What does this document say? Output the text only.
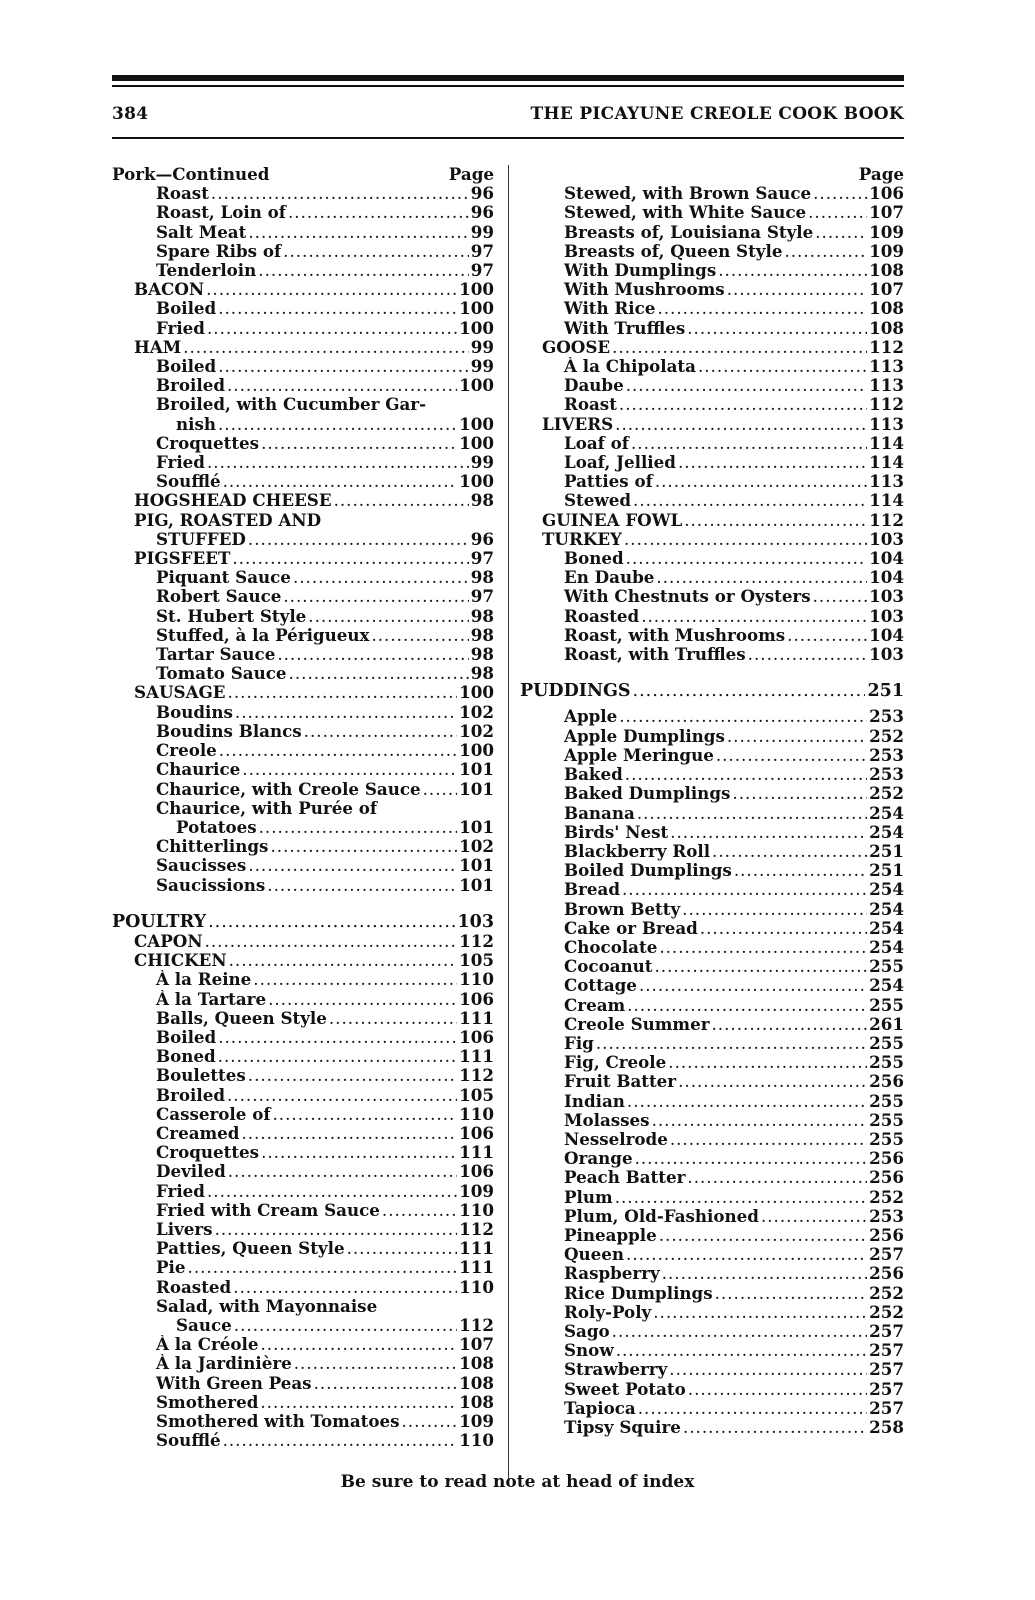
384	THE PICAYUNE CREOLE COOK BOOK
Pork—Continued	Page
Roast .....	96
Roast, Loin of .....	96
Salt Meat .....	99
Spare Ribs of .....	97
Tenderloin .....	97
BACON .....	100
Boiled .....	100
Fried .....	100
HAM .....	99
Boiled .....	99
Broiled .....	100
Broiled, with Cucumber Gar-
nish .....	100
Croquettes .....	100
Fried .....	99
Soufflé .....	100
HOGSHEAD CHEESE .....	98
PIG, ROASTED AND
STUFFED .....	96
PIGSFEET .....	97
Piquant Sauce .....	98
Robert Sauce .....	97
St. Hubert Style .....	98
Stuffed, à la Périgueux .....	98
Tartar Sauce .....	98
Tomato Sauce .....	98
SAUSAGE .....	100
Boudins .....	102
Boudins Blancs .....	102
Creole .....	100
Chaurice .....	101
Chaurice, with Creole Sauce ..... 101
Chaurice, with Purée of
Potatoes .....	101
Chitterlings .....	102
Saucisses .....	101
Saucissions .....	101
POULTRY .....	103
CAPON .....	112
CHICKEN .....	105
À la Reine .....	110
À la Tartare .....	106
Balls, Queen Style .....	111
Boiled .....	106
Boned .....	111
Boulettes .....	112
Broiled .....	105
Casserole of .....	110
Creamed .....	106
Croquettes .....	111
Deviled .....	106
Fried .....	109
Fried with Cream Sauce .....	110
Livers .....	112
Patties, Queen Style .....	111
Pie .....	111
Roasted .....	110
Salad, with Mayonnaise
Sauce .....	112
À la Créole .....	107
À la Jardinière .....	108
With Green Peas .....	108
Smothered .....	108
Smothered with Tomatoes .....	109
Soufflé .....	110
Page
Stewed, with Brown Sauce .....	106
Stewed, with White Sauce .....	107
Breasts of, Louisiana Style .....	109
Breasts of, Queen Style .....	109
With Dumplings .....	108
With Mushrooms .....	107
With Rice .....	108
With Truffles .....	108
GOOSE .....	112
À la Chipolata .....	113
Daube .....	113
Roast .....	112
LIVERS .....	113
Loaf of .....	114
Loaf, Jellied .....	114
Patties of .....	113
Stewed .....	114
GUINEA FOWL .....	112
TURKEY .....	103
Boned .....	104
En Daube .....	104
With Chestnuts or Oysters .....	103
Roasted .....	103
Roast, with Mushrooms .....	104
Roast, with Truffles .....	103
PUDDINGS .....	251
Apple .....	253
Apple Dumplings .....	252
Apple Meringue .....	253
Baked .....	253
Baked Dumplings .....	252
Banana .....	254
Birds' Nest .....	254
Blackberry Roll .....	251
Boiled Dumplings .....	251
Bread .....	254
Brown Betty .....	254
Cake or Bread .....	254
Chocolate .....	254
Cocoanut .....	255
Cottage .....	254
Cream .....	255
Creole Summer .....	261
Fig .....	255
Fig, Creole .....	255
Fruit Batter .....	256
Indian .....	255
Molasses .....	255
Nesselrode .....	255
Orange .....	256
Peach Batter .....	256
Plum .....	252
Plum, Old-Fashioned .....	253
Pineapple .....	256
Queen .....	257
Raspberry .....	256
Rice Dumplings .....	252
Roly-Poly .....	252
Sago .....	257
Snow .....	257
Strawberry .....	257
Sweet Potato .....	257
Tapioca .....	257
Tipsy Squire .....	258
Be sure to read note at head of index
